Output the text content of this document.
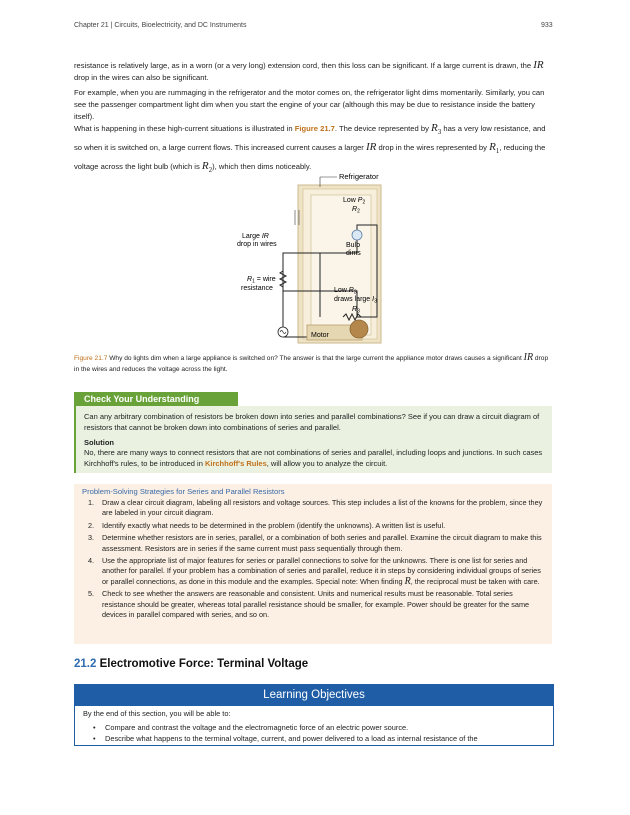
Chapter 21 | Circuits, Bioelectricity, and DC Instruments	933

resistance is relatively large, as in a worn (or a very long) extension cord, then this loss can be significant. If a large current is drawn, the IR drop in the wires can also be significant.

For example, when you are rummaging in the refrigerator and the motor comes on, the refrigerator light dims momentarily. Similarly, you can see the passenger compartment light dim when you start the engine of your car (although this may be due to resistance inside the battery itself).

What is happening in these high-current situations is illustrated in Figure 21.7. The device represented by $R_3$ has a very low resistance, and so when it is switched on, a large current flows. This increased current causes a larger IR drop in the wires represented by $R_1$, reducing the voltage across the light bulb (which is $R_2$), which then dims noticeably.

Refrigerator
Low $P_2$
$R_2$
Bulb
dims
Large IR
drop in wires
$R_1$ = wire
resistance	Low $R_3$
draws large $I_3$
$R_3$
Motor
Figure 21.7 Why do lights dim when a large appliance is switched on? The answer is that the large current the appliance motor draws causes a significant IR drop in the wires and reduces the voltage across the light.
Check Your Understanding

Can any arbitrary combination of resistors be broken down into series and parallel combinations? See if you can draw a circuit diagram of resistors that cannot be broken down into combinations of series and parallel.

Solution

No, there are many ways to connect resistors that are not combinations of series and parallel, including loops and junctions. In such cases Kirchhoff's rules, to be introduced in Kirchhoff's Rules, will allow you to analyze the circuit.

Problem-Solving Strategies for Series and Parallel Resistors
1. Draw a clear circuit diagram, labeling all resistors and voltage sources. This step includes a list of the knowns for the problem, since they are labeled in your circuit diagram.
2. Identify exactly what needs to be determined in the problem (identify the unknowns). A written list is useful.
3. Determine whether resistors are in series, parallel, or a combination of both series and parallel. Examine the circuit diagram to make this assessment. Resistors are in series if the same current must pass sequentially through them.
4. Use the appropriate list of major features for series or parallel connections to solve for the unknowns. There is one list for series and another for parallel. If your problem has a combination of series and parallel, reduce it in steps by considering individual groups of series or parallel connections, as done in this module and the examples. Special note: When finding R, the reciprocal must be taken with care.
5. Check to see whether the answers are reasonable and consistent. Units and numerical results must be reasonable. Total series resistance should be greater, whereas total parallel resistance should be smaller, for example. Power should be greater for the same devices in parallel compared with series, and so on.
21.2 Electromotive Force: Terminal Voltage
Learning Objectives
By the end of this section, you will be able to:
• Compare and contrast the voltage and the electromagnetic force of an electric power source.
• Describe what happens to the terminal voltage, current, and power delivered to a load as internal resistance of the
